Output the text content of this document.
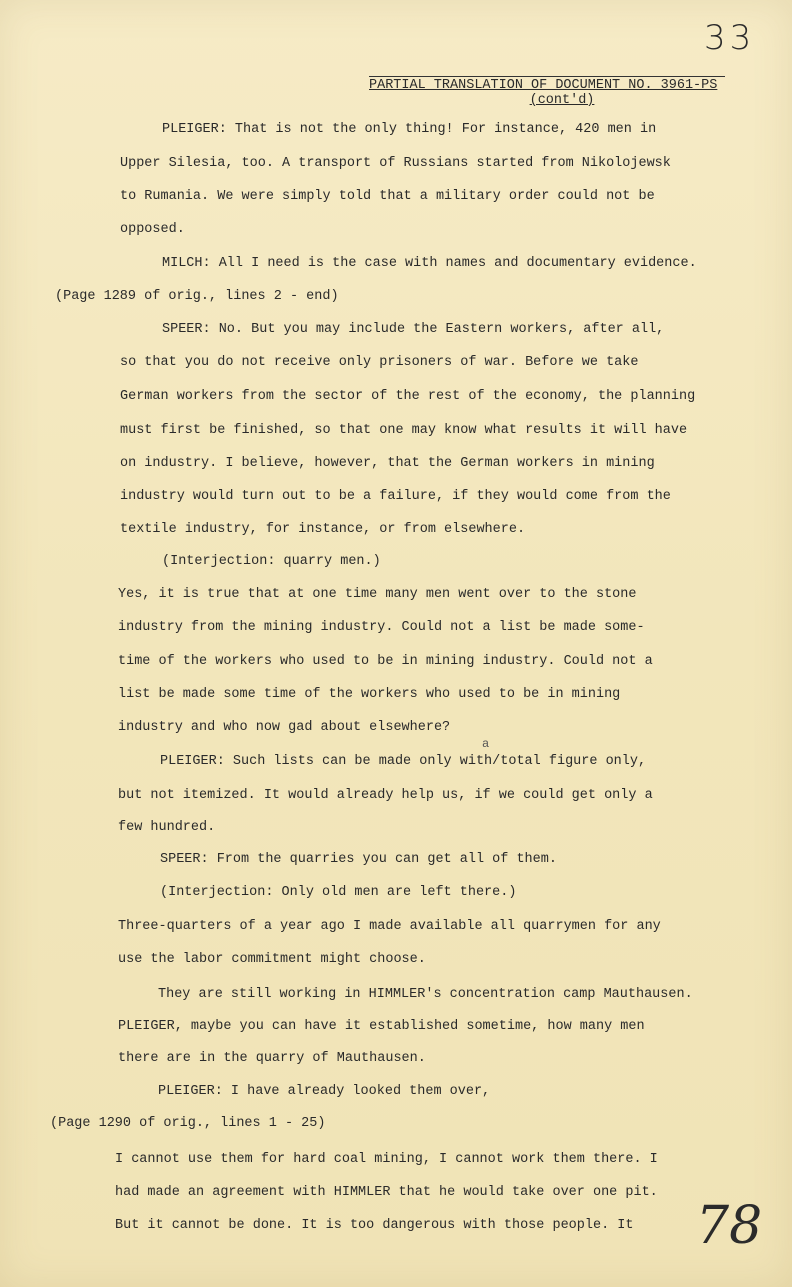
33
PARTIAL TRANSLATION OF DOCUMENT NO. 3961-PS
(cont'd)
PLEIGER: That is not the only thing! For instance, 420 men in
Upper Silesia, too. A transport of Russians started from Nikolojewsk
to Rumania. We were simply told that a military order could not be
opposed.
MILCH: All I need is the case with names and documentary evidence.
(Page 1289 of orig., lines 2 - end)
SPEER: No. But you may include the Eastern workers, after all,
so that you do not receive only prisoners of war. Before we take
German workers from the sector of the rest of the economy, the planning
must first be finished, so that one may know what results it will have
on industry. I believe, however, that the German workers in mining
industry would turn out to be a failure, if they would come from the
textile industry, for instance, or from elsewhere.
(Interjection: quarry men.)
Yes, it is true that at one time many men went over to the stone
industry from the mining industry. Could not a list be made some-
time of the workers who used to be in mining industry. Could not a
list be made some time of the workers who used to be in mining
industry and who now gad about elsewhere?
a
PLEIGER: Such lists can be made only with/total figure only,
but not itemized. It would already help us, if we could get only a
few hundred.
SPEER: From the quarries you can get all of them.
(Interjection: Only old men are left there.)
Three-quarters of a year ago I made available all quarrymen for any
use the labor commitment might choose.
They are still working in HIMMLER's concentration camp Mauthausen.
PLEIGER, maybe you can have it established sometime, how many men
there are in the quarry of Mauthausen.
PLEIGER: I have already looked them over,
(Page 1290 of orig., lines 1 - 25)
I cannot use them for hard coal mining, I cannot work them there. I
had made an agreement with HIMMLER that he would take over one pit.
But it cannot be done. It is too dangerous with those people. It 78
